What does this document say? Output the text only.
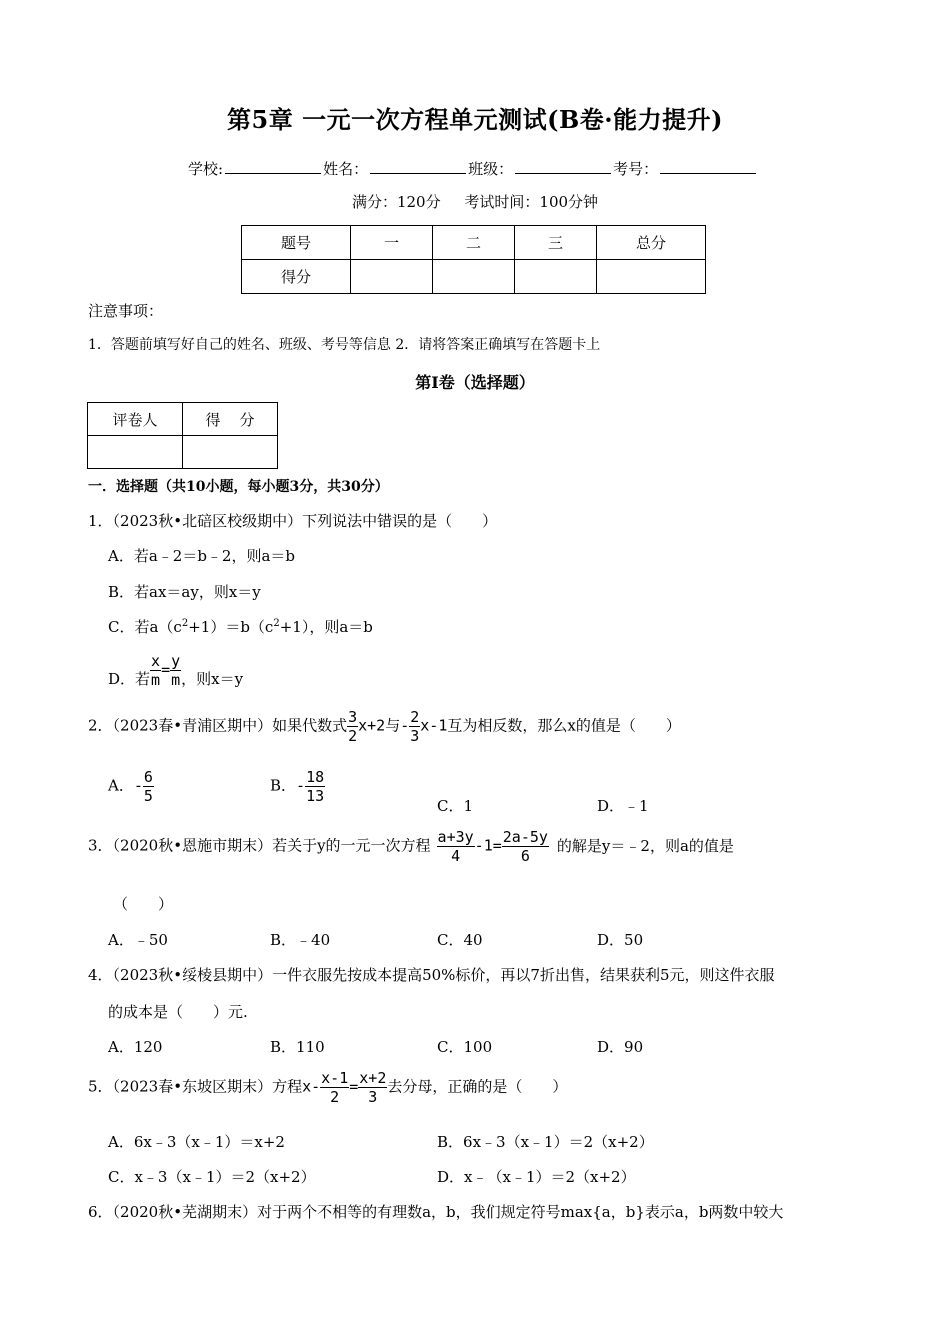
第5章 一元一次方程单元测试(B卷·能力提升)
学校:	姓名：	班级：	考号：
满分：120分     考试时间：100分钟
题号	一	二	三	总分
得分				
注意事项：
1．答题前填写好自己的姓名、班级、考号等信息 2．请将答案正确填写在答题卡上
第Ⅰ卷（选择题）
评卷人	得    分

一．选择题（共10小题，每小题3分，共30分）
1．（2023秋•北碚区校级期中）下列说法中错误的是（　　）
A．若a﹣2＝b﹣2，则a＝b
B．若ax＝ay，则x＝y
C．若$a(c^2+1)=b(c^2+1)$，则a＝b
D．若 $\frac{x}{m} = \frac{y}{m}$ ，则x＝y
2．（2023春•青浦区期中）如果代数式 $\frac{3}{2} x+2$与- $\frac{2}{3} x-1$互为相反数，那么x的值是（　　）
A．- $\frac{6}{5}$	B．- $\frac{18}{13}$
C．1	D．﹣1
3．（2020秋•恩施市期末）若关于y的一元一次方程 $\frac{a+3y}{4} -1= \frac{2a-5y}{6}$ 的解是y＝﹣2，则a的值是
（　　）
A．﹣50	B．﹣40	C．40	D．50
4．（2023秋•绥棱县期中）一件衣服先按成本提高50%标价，再以7折出售，结果获利5元，则这件衣服
的成本是（　　）元.
A．120	B．110	C．100	D．90
5．（2023春•东坡区期末）方程$x- \frac{x-1}{2} = \frac{x+2}{3}$ 去分母，正确的是（　　）
A．6x﹣3（x﹣1）＝x+2	B．6x﹣3（x﹣1）＝2（x+2）
C．x﹣3（x﹣1）＝2（x+2）	D．x﹣（x﹣1）＝2（x+2）
6．（2020秋•芜湖期末）对于两个不相等的有理数a，b，我们规定符号max{a，b}表示a，b两数中较大
